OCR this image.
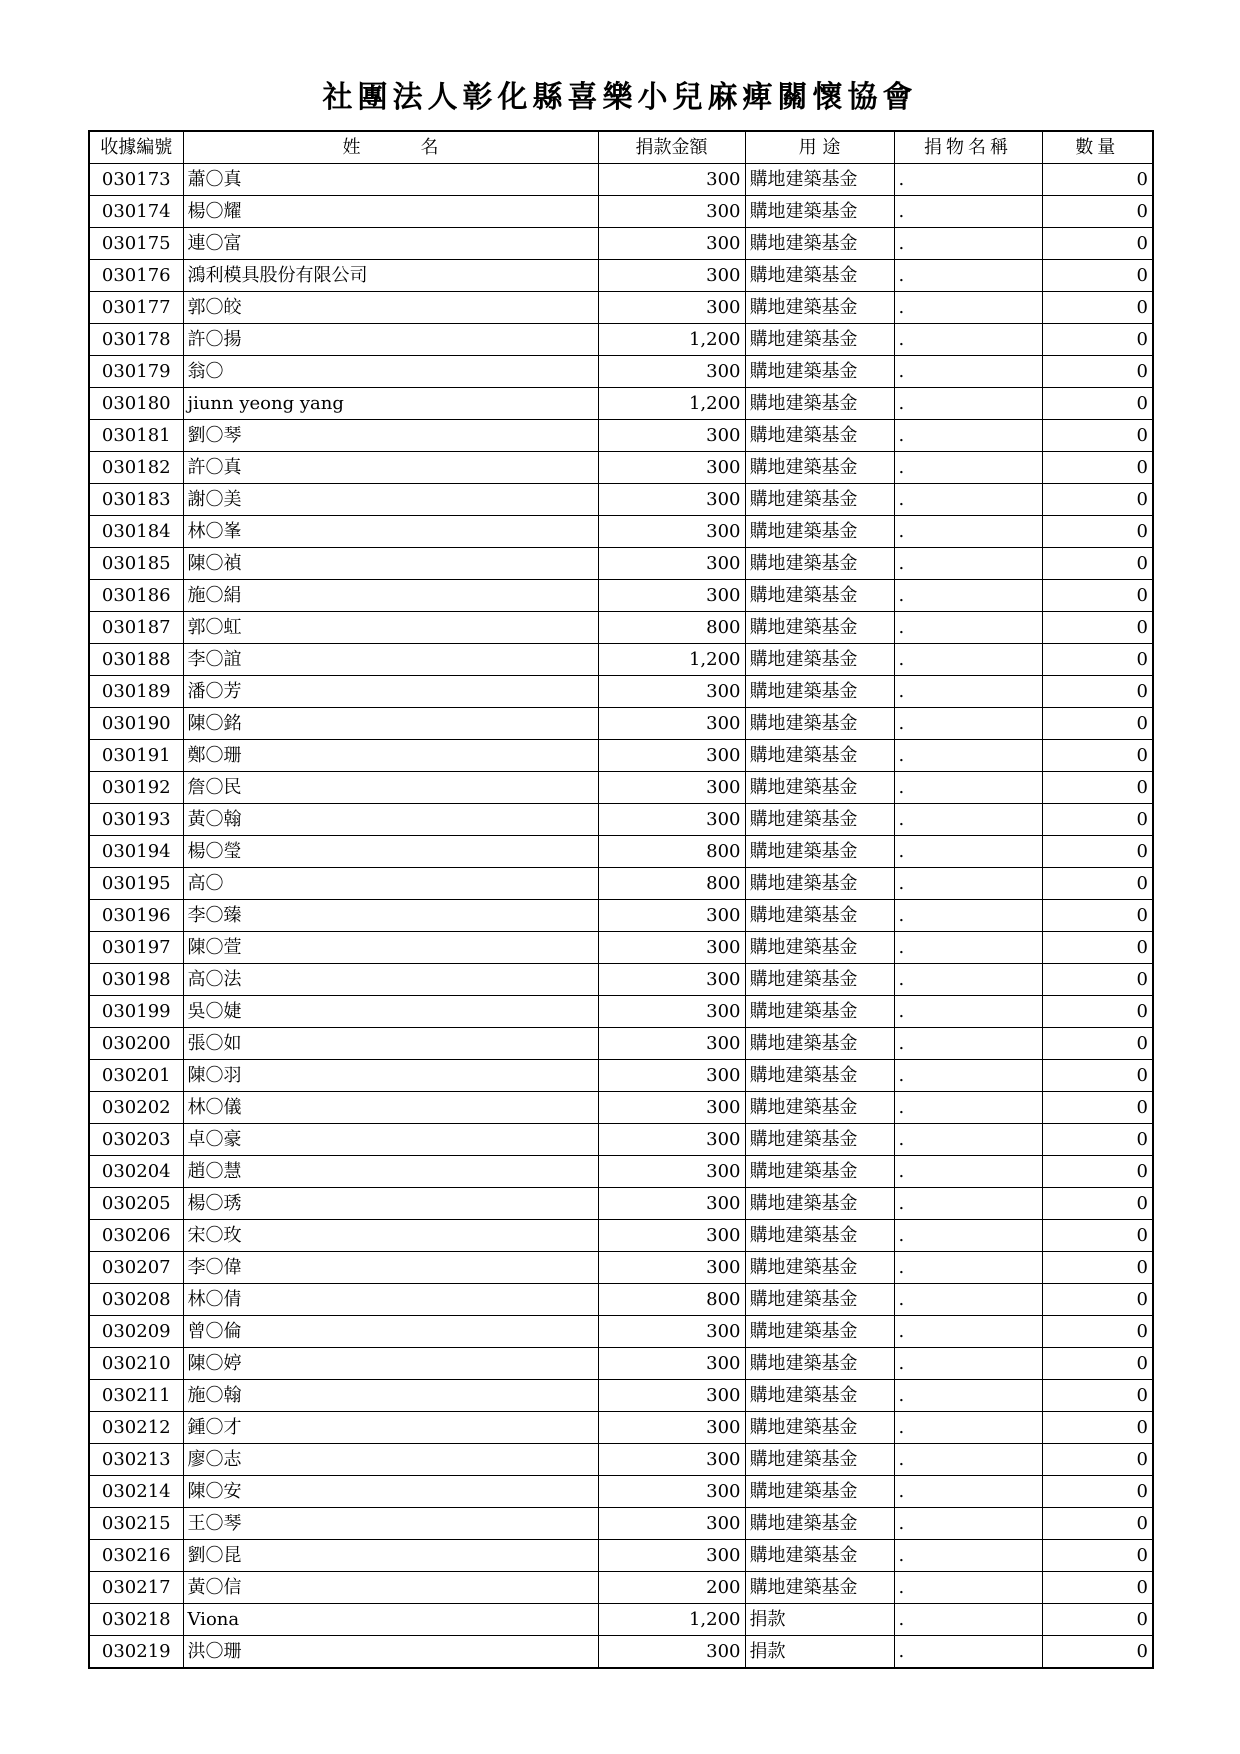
社團法人彰化縣喜樂小兒麻痺關懷協會
收據編號	姓 名	捐款金額	用 途	捐物名稱	數量
030173	蕭〇真	300	購地建築基金	.	0
030174	楊〇耀	300	購地建築基金	.	0
030175	連〇富	300	購地建築基金	.	0
030176	鴻利模具股份有限公司	300	購地建築基金	.	0
030177	郭〇皎	300	購地建築基金	.	0
030178	許〇揚	1,200	購地建築基金	.	0
030179	翁〇	300	購地建築基金	.	0
030180	jiunn yeong yang	1,200	購地建築基金	.	0
030181	劉〇琴	300	購地建築基金	.	0
030182	許〇真	300	購地建築基金	.	0
030183	謝〇美	300	購地建築基金	.	0
030184	林〇峯	300	購地建築基金	.	0
030185	陳〇禎	300	購地建築基金	.	0
030186	施〇絹	300	購地建築基金	.	0
030187	郭〇虹	800	購地建築基金	.	0
030188	李〇誼	1,200	購地建築基金	.	0
030189	潘〇芳	300	購地建築基金	.	0
030190	陳〇銘	300	購地建築基金	.	0
030191	鄭〇珊	300	購地建築基金	.	0
030192	詹〇民	300	購地建築基金	.	0
030193	黃〇翰	300	購地建築基金	.	0
030194	楊〇瑩	800	購地建築基金	.	0
030195	高〇	800	購地建築基金	.	0
030196	李〇臻	300	購地建築基金	.	0
030197	陳〇萱	300	購地建築基金	.	0
030198	高〇法	300	購地建築基金	.	0
030199	吳〇婕	300	購地建築基金	.	0
030200	張〇如	300	購地建築基金	.	0
030201	陳〇羽	300	購地建築基金	.	0
030202	林〇儀	300	購地建築基金	.	0
030203	卓〇豪	300	購地建築基金	.	0
030204	趙〇慧	300	購地建築基金	.	0
030205	楊〇琇	300	購地建築基金	.	0
030206	宋〇玫	300	購地建築基金	.	0
030207	李〇偉	300	購地建築基金	.	0
030208	林〇倩	800	購地建築基金	.	0
030209	曾〇倫	300	購地建築基金	.	0
030210	陳〇婷	300	購地建築基金	.	0
030211	施〇翰	300	購地建築基金	.	0
030212	鍾〇才	300	購地建築基金	.	0
030213	廖〇志	300	購地建築基金	.	0
030214	陳〇安	300	購地建築基金	.	0
030215	王〇琴	300	購地建築基金	.	0
030216	劉〇昆	300	購地建築基金	.	0
030217	黃〇信	200	購地建築基金	.	0
030218	Viona	1,200	捐款	.	0
030219	洪〇珊	300	捐款	.	0
